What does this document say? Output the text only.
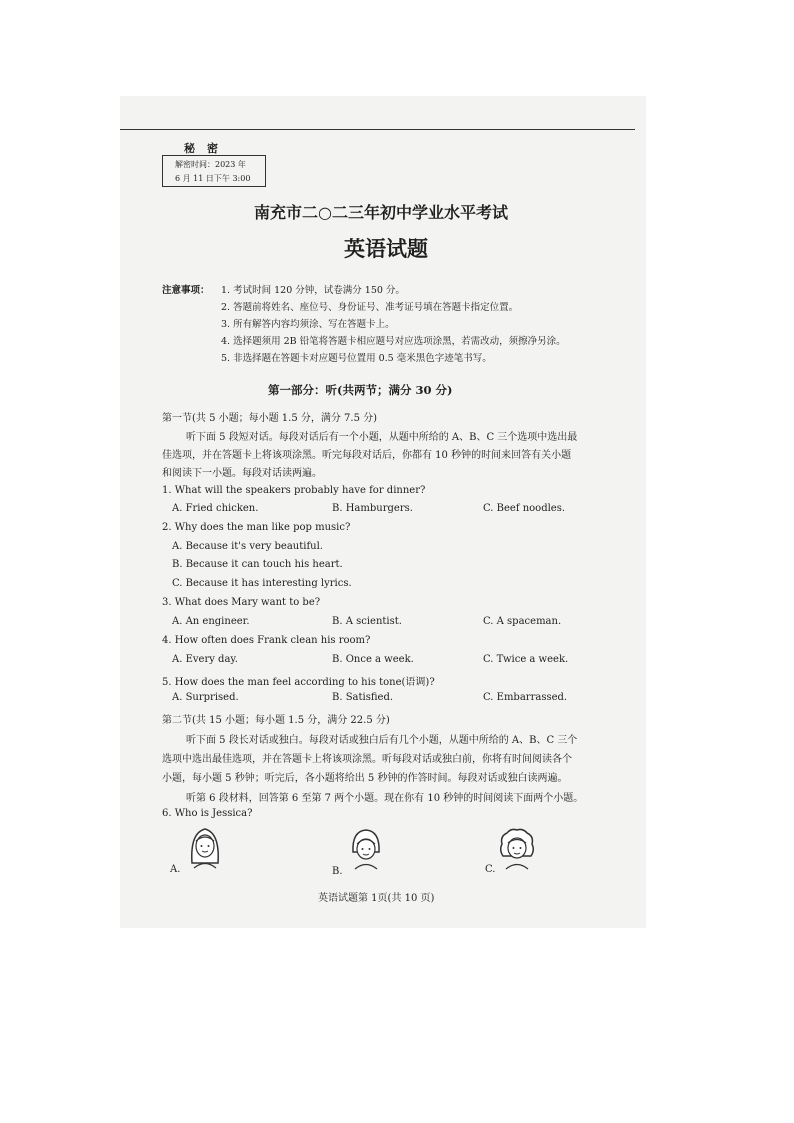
秘密
解密时间：2023 年
6 月 11 日下午 3:00
南充市二○二三年初中学业水平考试
英语试题
注意事项： 1. 考试时间 120 分钟，试卷满分 150 分。
2. 答题前将姓名、座位号、身份证号、准考证号填在答题卡指定位置。
3. 所有解答内容均须涂、写在答题卡上。
4. 选择题须用 2B 铅笔将答题卡相应题号对应选项涂黑，若需改动，须擦净另涂。
5. 非选择题在答题卡对应题号位置用 0.5 毫米黑色字迹笔书写。
第一部分：听(共两节；满分 30 分)
第一节(共 5 小题；每小题 1.5 分，满分 7.5 分)
听下面 5 段短对话。每段对话后有一个小题，从题中所给的 A、B、C 三个选项中选出最
佳选项，并在答题卡上将该项涂黑。听完每段对话后，你都有 10 秒钟的时间来回答有关小题
和阅读下一小题。每段对话读两遍。
1. What will the speakers probably have for dinner?
A. Fried chicken.	B. Hamburgers.	C. Beef noodles.
2. Why does the man like pop music?
A. Because it's very beautiful.
B. Because it can touch his heart.
C. Because it has interesting lyrics.
3. What does Mary want to be?
A. An engineer.	B. A scientist.	C. A spaceman.
4. How often does Frank clean his room?
A. Every day.	B. Once a week.	C. Twice a week.
5. How does the man feel according to his tone(语调)?
A. Surprised.	B. Satisfied.	C. Embarrassed.
第二节(共 15 小题；每小题 1.5 分，满分 22.5 分)
听下面 5 段长对话或独白。每段对话或独白后有几个小题，从题中所给的 A、B、C 三个
选项中选出最佳选项，并在答题卡上将该项涂黑。听每段对话或独白前，你将有时间阅读各个
小题，每小题 5 秒钟；听完后，各小题将给出 5 秒钟的作答时间。每段对话或独白读两遍。
听第 6 段材料，回答第 6 至第 7 两个小题。现在你有 10 秒钟的时间阅读下面两个小题。
6. Who is Jessica?
A.	B.	C.
英语试题第 1页(共 10 页)
